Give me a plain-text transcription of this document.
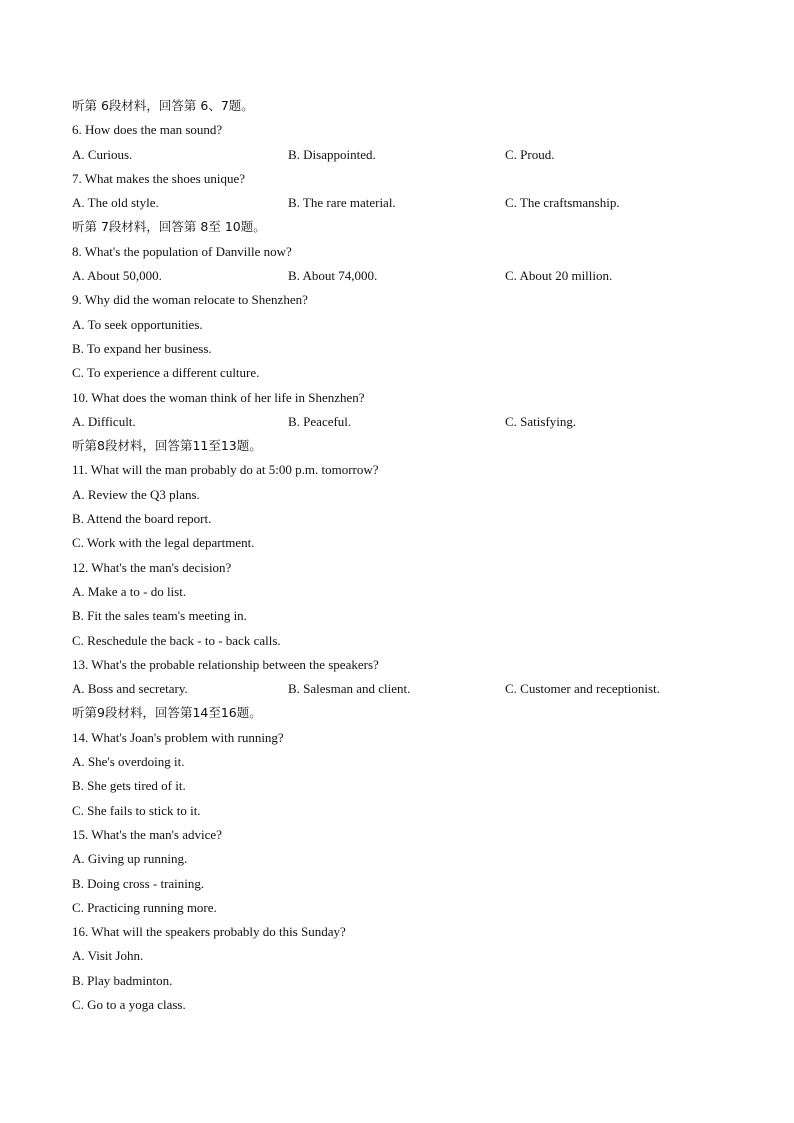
听第 6段材料，回答第 6、7题。
6. How does the man sound?
A. Curious.	B. Disappointed.	C. Proud.
7. What makes the shoes unique?
A. The old style.	B. The rare material.	C. The craftsmanship.
听第 7段材料，回答第 8至 10题。
8. What's the population of Danville now?
A. About 50,000.	B. About 74,000.	C. About 20 million.
9. Why did the woman relocate to Shenzhen?
A. To seek opportunities.
B. To expand her business.
C. To experience a different culture.
10. What does the woman think of her life in Shenzhen?
A. Difficult.	B. Peaceful.	C. Satisfying.
听第8段材料，回答第11至13题。
11. What will the man probably do at 5:00 p.m. tomorrow?
A. Review the Q3 plans.
B. Attend the board report.
C. Work with the legal department.
12. What's the man's decision?
A. Make a to - do list.
B. Fit the sales team's meeting in.
C. Reschedule the back - to - back calls.
13. What's the probable relationship between the speakers?
A. Boss and secretary.	B. Salesman and client.	C. Customer and receptionist.
听第9段材料，回答第14至16题。
14. What's Joan's problem with running?
A. She's overdoing it.
B. She gets tired of it.
C. She fails to stick to it.
15. What's the man's advice?
A. Giving up running.
B. Doing cross - training.
C. Practicing running more.
16. What will the speakers probably do this Sunday?
A. Visit John.
B. Play badminton.
C. Go to a yoga class.
